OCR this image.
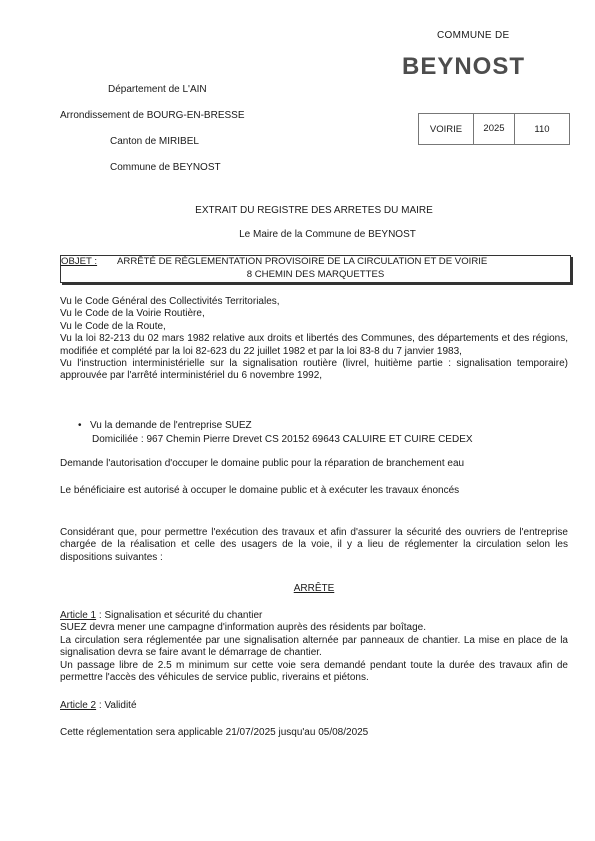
COMMUNE DE
BEYNOST
Département de L'AIN
Arrondissement de BOURG-EN-BRESSE
Canton de MIRIBEL
Commune de BEYNOST
VOIRIE	2025	110
EXTRAIT DU REGISTRE DES ARRETES DU MAIRE
Le Maire de la Commune de BEYNOST
OBJET : ARRÊTÉ DE RÉGLEMENTATION PROVISOIRE DE LA CIRCULATION ET DE VOIRIE
8 CHEMIN DES MARQUETTES
Vu le Code Général des Collectivités Territoriales,
Vu le Code de la Voirie Routière,
Vu le Code de la Route,
Vu la loi 82-213 du 02 mars 1982 relative aux droits et libertés des Communes, des départements et des régions, modifiée et complété par la loi 82-623 du 22 juillet 1982 et par la loi 83-8 du 7 janvier 1983,
Vu l'instruction interministérielle sur la signalisation routière (livrel, huitième partie : signalisation temporaire) approuvée par l'arrêté interministériel du 6 novembre 1992,
• Vu la demande de l'entreprise SUEZ
Domiciliée : 967 Chemin Pierre Drevet CS 20152 69643 CALUIRE ET CUIRE CEDEX
Demande l'autorisation d'occuper le domaine public pour la réparation de branchement eau
Le bénéficiaire est autorisé à occuper le domaine public et à exécuter les travaux énoncés
Considérant que, pour permettre l'exécution des travaux et afin d'assurer la sécurité des ouvriers de l'entreprise chargée de la réalisation et celle des usagers de la voie, il y a lieu de réglementer la circulation selon les dispositions suivantes :
ARRÊTE
Article 1 : Signalisation et sécurité du chantier
SUEZ devra mener une campagne d'information auprès des résidents par boîtage.
La circulation sera réglementée par une signalisation alternée par panneaux de chantier. La mise en place de la signalisation devra se faire avant le démarrage de chantier.
Un passage libre de 2.5 m minimum sur cette voie sera demandé pendant toute la durée des travaux afin de permettre l'accès des véhicules de service public, riverains et piétons.
Article 2 : Validité
Cette réglementation sera applicable 21/07/2025 jusqu'au 05/08/2025
